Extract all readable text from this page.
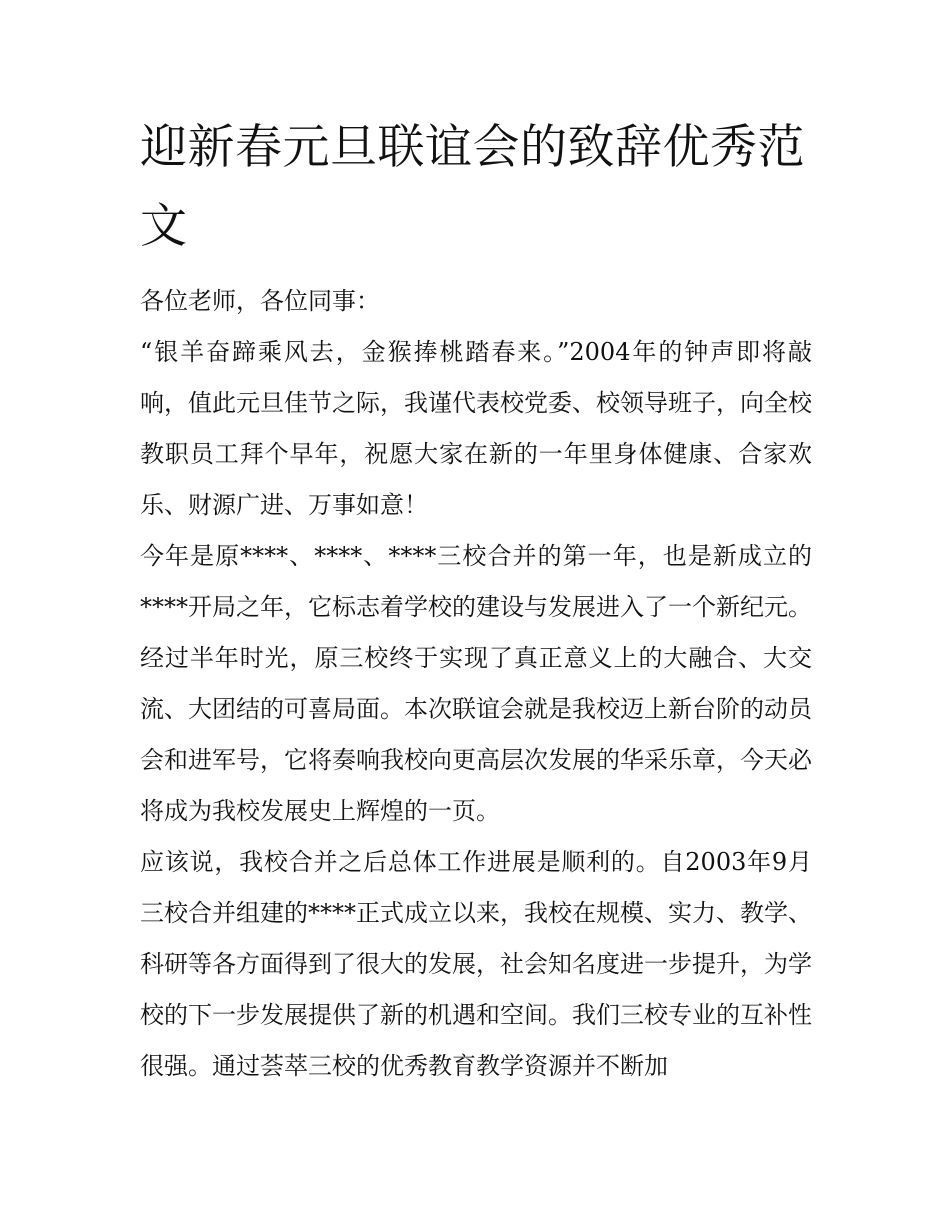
迎新春元旦联谊会的致辞优秀范文

各位老师，各位同事：

“银羊奋蹄乘风去，金猴捧桃踏春来。”2004年的钟声即将敲响，值此元旦佳节之际，我谨代表校党委、校领导班子，向全校教职员工拜个早年，祝愿大家在新的一年里身体健康、合家欢乐、财源广进、万事如意！

今年是原****、****、****三校合并的第一年，也是新成立的****开局之年，它标志着学校的建设与发展进入了一个新纪元。经过半年时光，原三校终于实现了真正意义上的大融合、大交流、大团结的可喜局面。本次联谊会就是我校迈上新台阶的动员会和进军号，它将奏响我校向更高层次发展的华采乐章，今天必将成为我校发展史上辉煌的一页。

应该说，我校合并之后总体工作进展是顺利的。自2003年9月三校合并组建的****正式成立以来，我校在规模、实力、教学、科研等各方面得到了很大的发展，社会知名度进一步提升，为学校的下一步发展提供了新的机遇和空间。我们三校专业的互补性很强。通过荟萃三校的优秀教育教学资源并不断加
